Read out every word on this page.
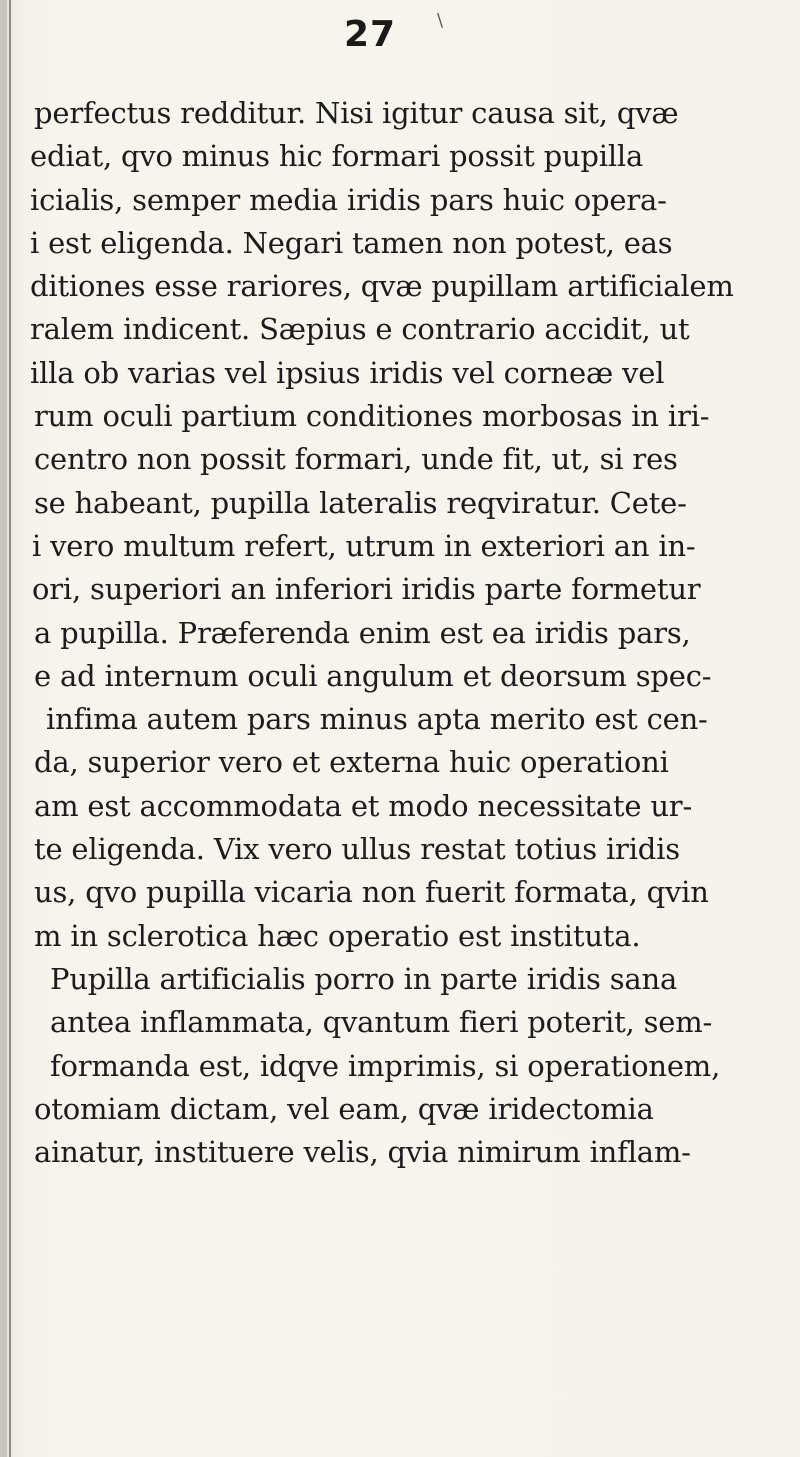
27 \
perfectus redditur. Nisi igitur causa sit, qvæ
ediat, qvo minus hic formari possit pupilla
icialis, semper media iridis pars huic opera-
i est eligenda. Negari tamen non potest, eas
ditiones esse rariores, qvæ pupillam artificialem
ralem indicent. Sæpius e contrario accidit, ut
illa ob varias vel ipsius iridis vel corneæ vel
rum oculi partium conditiones morbosas in iri-
centro non possit formari, unde fit, ut, si res
se habeant, pupilla lateralis reqviratur. Cete-
i vero multum refert, utrum in exteriori an in-
ori, superiori an inferiori iridis parte formetur
a pupilla. Præferenda enim est ea iridis pars,
e ad internum oculi angulum et deorsum spec-
infima autem pars minus apta merito est cen-
da, superior vero et externa huic operationi
am est accommodata et modo necessitate ur-
te eligenda. Vix vero ullus restat totius iridis
us, qvo pupilla vicaria non fuerit formata, qvin
m in sclerotica hæc operatio est instituta.
Pupilla artificialis porro in parte iridis sana
antea inflammata, qvantum fieri poterit, sem-
formanda est, idqve imprimis, si operationem,
otomiam dictam, vel eam, qvæ iridectomia
ainatur, instituere velis, qvia nimirum inflam-
